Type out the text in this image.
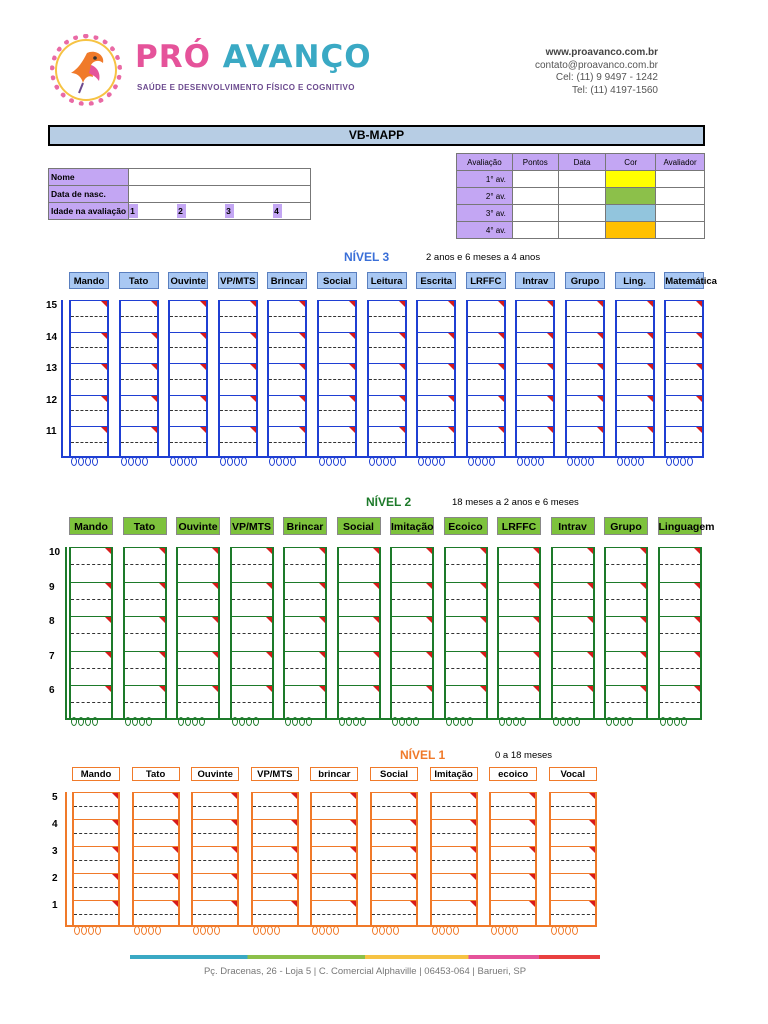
PRÓ AVANÇO
SAÚDE E DESENVOLVIMENTO FÍSICO E COGNITIVO
www.proavanco.com.br
contato@proavanco.com.br
Cel: (11) 9 9497 - 1242
Tel: (11) 4197-1560
VB-MAPP
Nome	
Data de nasc.	
Idade na avaliação	1 2 3 4
Avaliação	Pontos	Data	Cor	Avaliador
1° av.				
2° av.				
3° av.				
4° av.				
NÍVEL 3	2 anos e 6 meses a 4 anos
NÍVEL 2	18 meses a 2 anos e 6 meses
NÍVEL 1	0 a 18 meses
15
14
13
12
11
Mando	Tato	Ouvinte VP/MTS	Brincar	Social	Leitura	Escrita	LRFFC	Intrav	Grupo	Ling.	Matemática
10
9
8
7
6
Mando	Tato	Ouvinte VP/MTS	Brincar	Social	Imitação	Ecoico	LRFFC	Intrav	Grupo	Linguagem
5
4
3
2
1
Mando	Tato	Ouvinte	VP/MTS	brincar	Social	Imitação	ecoico	Vocal
Pç. Dracenas, 26 - Loja 5 | C. Comercial Alphaville | 06453-064 | Barueri, SP
